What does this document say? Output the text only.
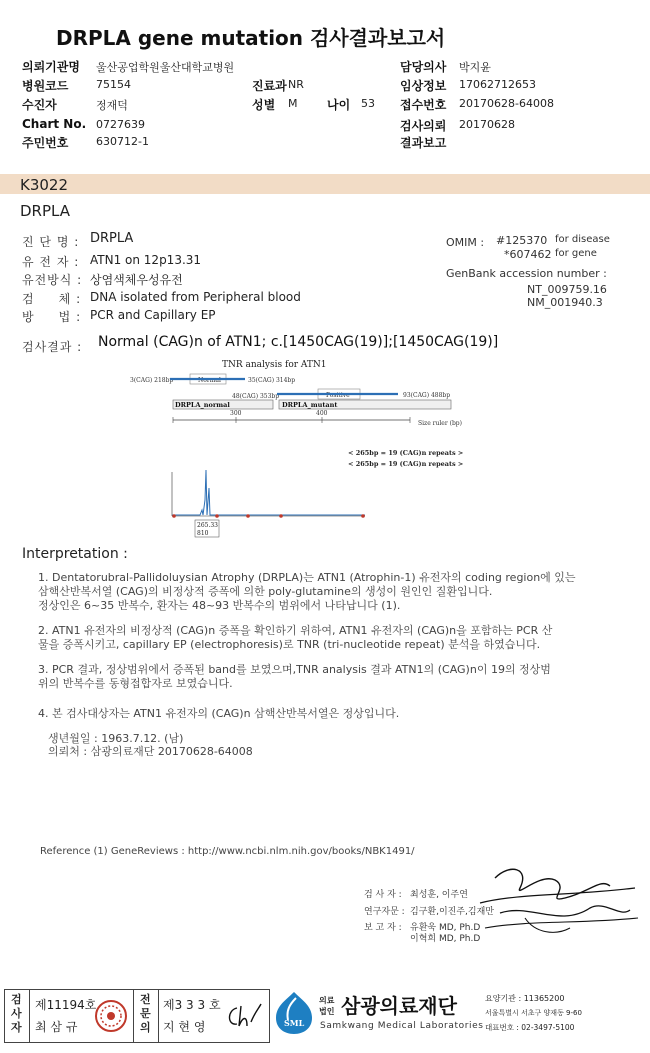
DRPLA gene mutation 검사결과보고서
의뢰기관명 울산공업학원울산대학교병원
병원코드	75154	진료과 NR
수진자	정재덕	성별 M 나이 53
Chart No. 0727639
주민번호	630712-1
담당의사 박지윤
임상정보 17062712653
접수번호 20170628-64008
검사의뢰 20170628
결과보고
K3022
DRPLA
진 단 명 : DRPLA
유 전 자 : ATN1 on 12p13.31
유전방식 : 상염색체우성유전
검     체 : DNA isolated from Peripheral blood
방     법 : PCR and Capillary EP
OMIM : #125370 for disease
*607462 for gene
GenBank accession number :
NT_009759.16
NM_001940.3
검사결과 : Normal (CAG)n of ATN1; c.[1450CAG(19)];[1450CAG(19)]
TNR analysis for ATN1
3(CAG) 218bp	Normal	35(CAG) 314bp
48(CAG) 353bp	Positive	93(CAG) 488bp
DRPLA_normal	DRPLA_mutant
300	400
Size ruler (bp)
< 265bp = 19 (CAG)n repeats >
< 265bp = 19 (CAG)n repeats >
265.33
810
Interpretation :
1. Dentatorubral-Pallidoluysian Atrophy (DRPLA)는 ATN1 (Atrophin-1) 유전자의 coding region에 있는
삼핵산반복서열 (CAG)의 비정상적 증폭에 의한 poly-glutamine의 생성이 원인인 질환입니다.
정상인은 6~35 반복수, 환자는 48~93 반복수의 범위에서 나타납니다 (1).
2. ATN1 유전자의 비정상적 (CAG)n 증폭을 확인하기 위하여, ATN1 유전자의 (CAG)n을 포함하는 PCR 산
물을 증폭시키고, capillary EP (electrophoresis)로 TNR (tri-nucleotide repeat) 분석을 하였습니다.
3. PCR 결과, 정상범위에서 증폭된 band를 보였으며,TNR analysis 결과 ATN1의 (CAG)n이 19의 정상범
위의 반복수를 동형접합자로 보였습니다.
4. 본 검사대상자는 ATN1 유전자의 (CAG)n 삼핵산반복서열은 정상입니다.
생년월일 : 1963.7.12. (남)
의뢰처 : 삼광의료재단 20170628-64008
Reference (1) GeneReviews : http://www.ncbi.nlm.nih.gov/books/NBK1491/
검 사 자 : 최성훈, 이주연
연구자문 : 김구환,이진주,김재만
보 고 자 : 유환욱 MD, Ph.D
이혁희 MD, Ph.D
검사자
제11194호
최 삼 규
전문의
제3 3 3 호
지 현 영	SML
의료
법인 삼광의료재단
Samkwang Medical Laboratories
요양기관 : 11365200
서울특별시 서초구 양재동 9-60
대표번호 : 02-3497-5100
